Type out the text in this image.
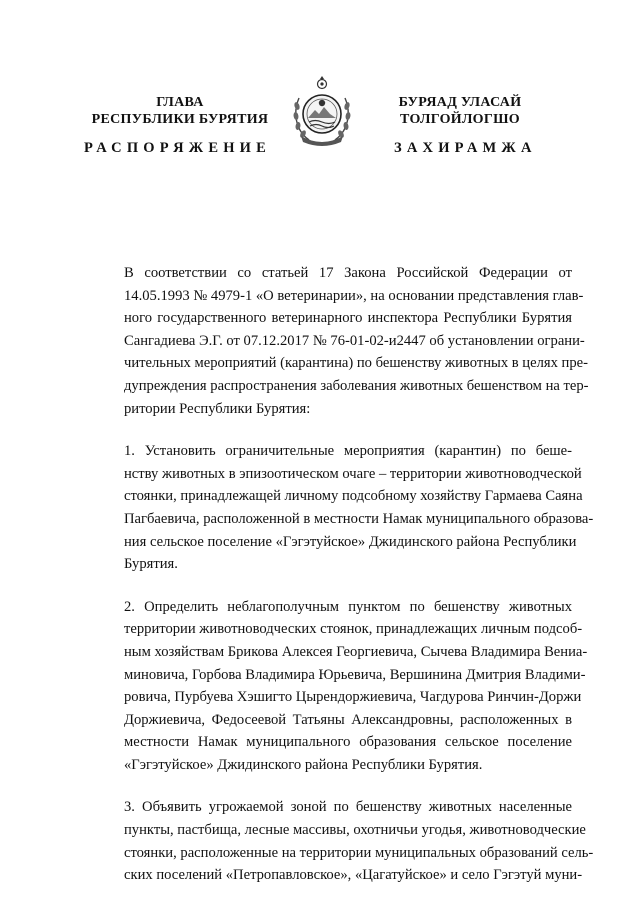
ГЛАВА
РЕСПУБЛИКИ БУРЯТИЯ
БУРЯАД УЛАСАЙ
ТОЛГОЙЛОГШО
РАСПОРЯЖЕНИЕ	ЗАХИРАМЖА

В соответствии со статьей 17 Закона Российской Федерации от
14.05.1993 № 4979-1 «О ветеринарии», на основании представления глав-
ного государственного ветеринарного инспектора Республики Бурятия
Сангадиева Э.Г. от 07.12.2017 № 76-01-02-и2447 об установлении ограни-
чительных мероприятий (карантина) по бешенству животных в целях пре-
дупреждения распространения заболевания животных бешенством на тер-
ритории Республики Бурятия:

1. Установить ограничительные мероприятия (карантин) по беше-
нству животных в эпизоотическом очаге – территории животноводческой
стоянки, принадлежащей личному подсобному хозяйству Гармаева Саяна
Пагбаевича, расположенной в местности Намак муниципального образова-
ния сельское поселение «Гэгэтуйское» Джидинского района Республики
Бурятия.

2. Определить неблагополучным пунктом по бешенству животных
территории животноводческих стоянок, принадлежащих личным подсоб-
ным хозяйствам Брикова Алексея Георгиевича, Сычева Владимира Вениа-
миновича, Горбова Владимира Юрьевича, Вершинина Дмитрия Владими-
ровича, Пурбуева Хэшигто Цырендоржиевича, Чагдурова Ринчин-Доржи
Доржиевича, Федосеевой Татьяны Александровны, расположенных в
местности Намак муниципального образования сельское поселение
«Гэгэтуйское» Джидинского района Республики Бурятия.

3. Объявить угрожаемой зоной по бешенству животных населенные
пункты, пастбища, лесные массивы, охотничьи угодья, животноводческие
стоянки, расположенные на территории муниципальных образований сель-
ских поселений «Петропавловское», «Цагатуйское» и село Гэгэтуй муни-
